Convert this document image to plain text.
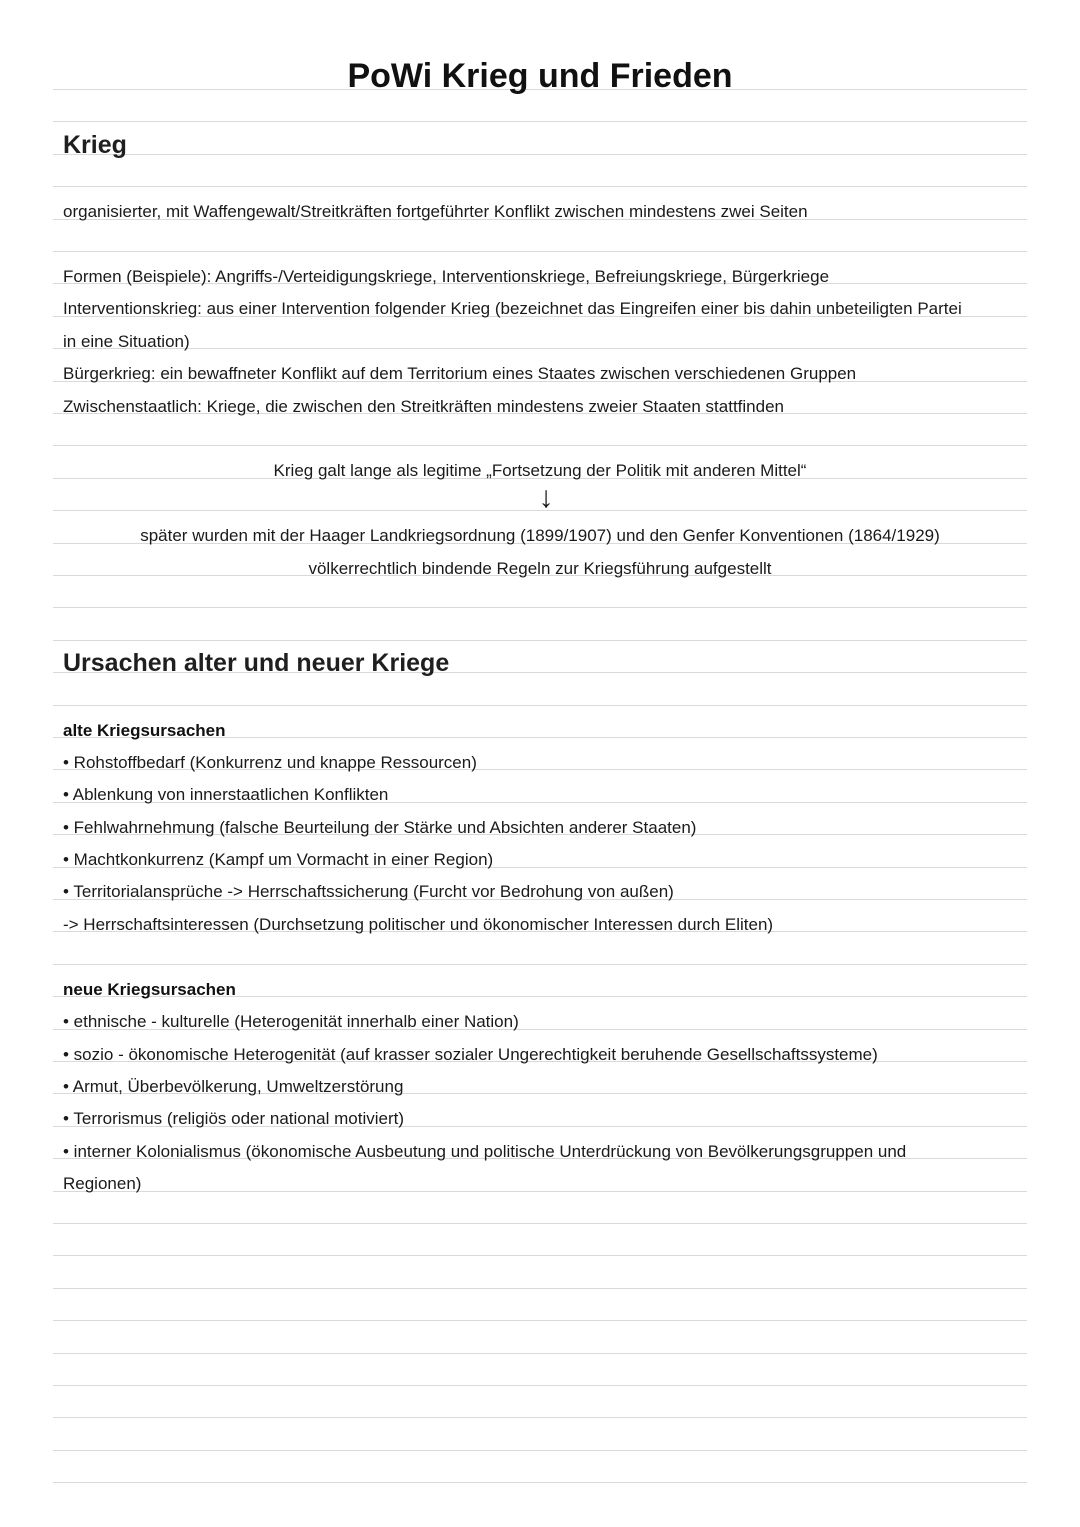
PoWi Krieg und Frieden
Krieg
organisierter, mit Waffengewalt/Streitkräften fortgeführter Konflikt zwischen mindestens zwei Seiten
Formen (Beispiele): Angriffs-/Verteidigungskriege, Interventionskriege, Befreiungskriege, Bürgerkriege
Interventionskrieg: aus einer Intervention folgender Krieg (bezeichnet das Eingreifen einer bis dahin unbeteiligten Partei
in eine Situation)
Bürgerkrieg: ein bewaffneter Konflikt auf dem Territorium eines Staates zwischen verschiedenen Gruppen
Zwischenstaatlich: Kriege, die zwischen den Streitkräften mindestens zweier Staaten stattfinden
Krieg galt lange als legitime „Fortsetzung der Politik mit anderen Mittel“
↓
später wurden mit der Haager Landkriegsordnung (1899/1907) und den Genfer Konventionen (1864/1929)
völkerrechtlich bindende Regeln zur Kriegsführung aufgestellt
Ursachen alter und neuer Kriege
alte Kriegsursachen
• Rohstoffbedarf (Konkurrenz und knappe Ressourcen)
• Ablenkung von innerstaatlichen Konflikten
• Fehlwahrnehmung (falsche Beurteilung der Stärke und Absichten anderer Staaten)
• Machtkonkurrenz (Kampf um Vormacht in einer Region)
• Territorialansprüche -> Herrschaftssicherung (Furcht vor Bedrohung von außen)
-> Herrschaftsinteressen (Durchsetzung politischer und ökonomischer Interessen durch Eliten)
neue Kriegsursachen
• ethnische - kulturelle (Heterogenität innerhalb einer Nation)
• sozio - ökonomische Heterogenität (auf krasser sozialer Ungerechtigkeit beruhende Gesellschaftssysteme)
• Armut, Überbevölkerung, Umweltzerstörung
• Terrorismus (religiös oder national motiviert)
• interner Kolonialismus (ökonomische Ausbeutung und politische Unterdrückung von Bevölkerungsgruppen und
Regionen)
